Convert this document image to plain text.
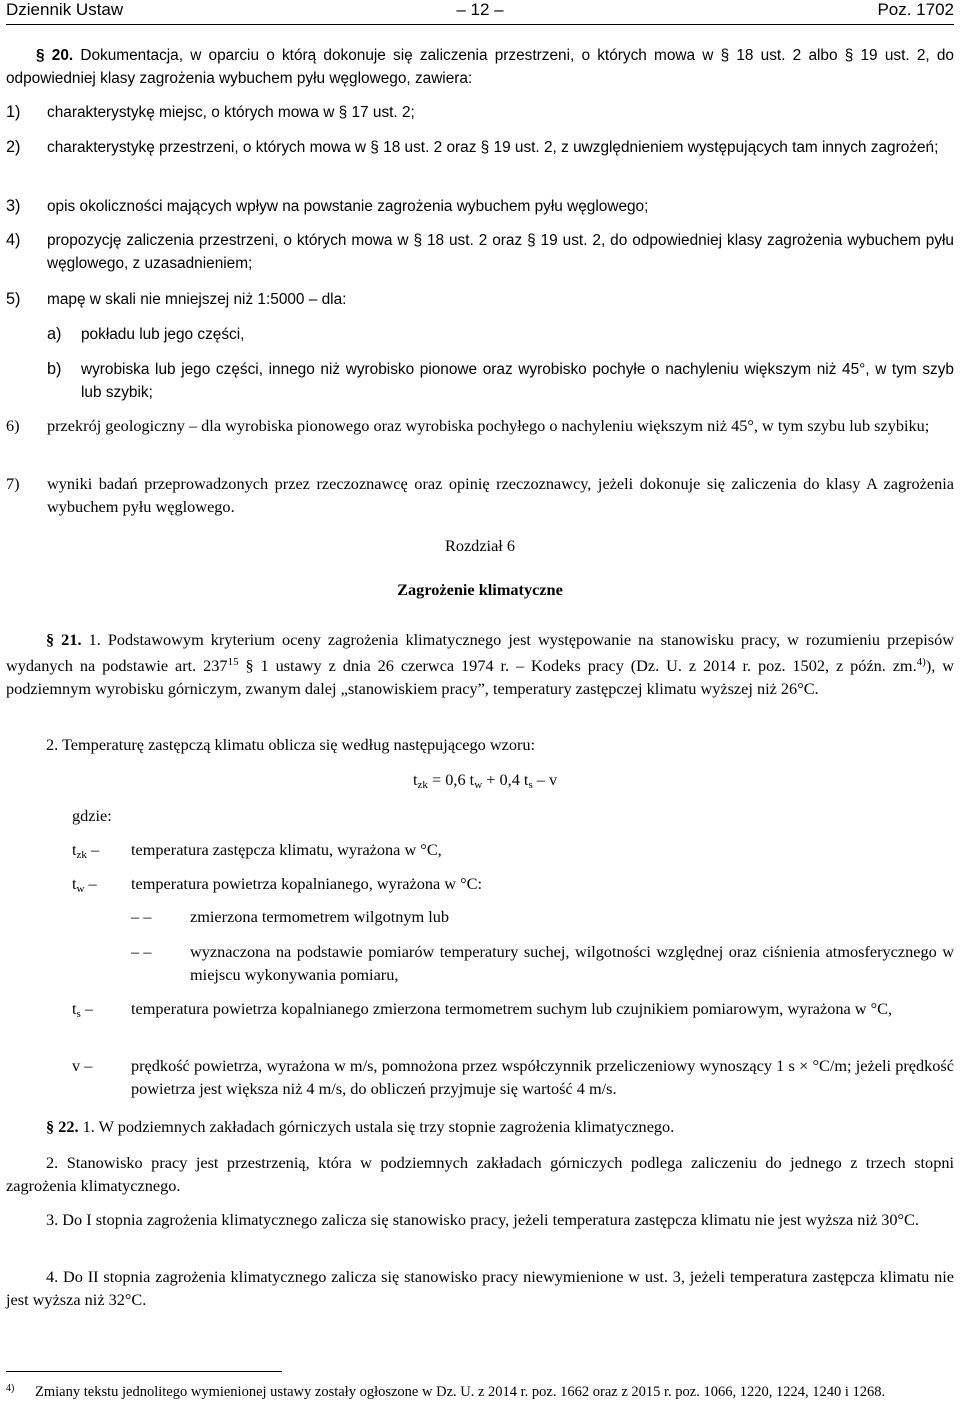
Dziennik Ustaw	– 12 –	Poz. 1702
§ 20. Dokumentacja, w oparciu o którą dokonuje się zaliczenia przestrzeni, o których mowa w § 18 ust. 2 albo § 19 ust. 2, do odpowiedniej klasy zagrożenia wybuchem pyłu węglowego, zawiera:
1) charakterystykę miejsc, o których mowa w § 17 ust. 2;
2) charakterystykę przestrzeni, o których mowa w § 18 ust. 2 oraz § 19 ust. 2, z uwzględnieniem występujących tam innych zagrożeń;
3) opis okoliczności mających wpływ na powstanie zagrożenia wybuchem pyłu węglowego;
4) propozycję zaliczenia przestrzeni, o których mowa w § 18 ust. 2 oraz § 19 ust. 2, do odpowiedniej klasy zagrożenia wybuchem pyłu węglowego, z uzasadnieniem;
5) mapę w skali nie mniejszej niż 1:5000 – dla:
a) pokładu lub jego części,
b) wyrobiska lub jego części, innego niż wyrobisko pionowe oraz wyrobisko pochyłe o nachyleniu większym niż 45°, w tym szyb lub szybik;
6) przekrój geologiczny – dla wyrobiska pionowego oraz wyrobiska pochyłego o nachyleniu większym niż 45°, w tym szybu lub szybiku;
7) wyniki badań przeprowadzonych przez rzeczoznawcę oraz opinię rzeczoznawcy, jeżeli dokonuje się zaliczenia do klasy A zagrożenia wybuchem pyłu węglowego.
Rozdział 6
Zagrożenie klimatyczne
§ 21. 1. Podstawowym kryterium oceny zagrożenia klimatycznego jest występowanie na stanowisku pracy, w rozumieniu przepisów wydanych na podstawie art. $237^{15}$ § 1 ustawy z dnia 26 czerwca 1974 r. – Kodeks pracy (Dz. U. z 2014 r. poz. 1502, z późn. zm.$^{4)}$), w podziemnym wyrobisku górniczym, zwanym dalej „stanowiskiem pracy”, temperatury zastępczej klimatu wyższej niż 26°C.
2. Temperaturę zastępczą klimatu oblicza się według następującego wzoru:
$t_{zk} = 0,6$ $t_w + 0,4$ $t_s$ – v
gdzie:
$t_{zk}$ – temperatura zastępcza klimatu, wyrażona w °C,
$t_w$ – temperatura powietrza kopalnianego, wyrażona w °C:
– – zmierzona termometrem wilgotnym lub
– – wyznaczona na podstawie pomiarów temperatury suchej, wilgotności względnej oraz ciśnienia atmosferycznego w miejscu wykonywania pomiaru,
$t_s$ – temperatura powietrza kopalnianego zmierzona termometrem suchym lub czujnikiem pomiarowym, wyrażona w °C,
v – prędkość powietrza, wyrażona w m/s, pomnożona przez współczynnik przeliczeniowy wynoszący 1 s × °C/m; jeżeli prędkość powietrza jest większa niż 4 m/s, do obliczeń przyjmuje się wartość 4 m/s.
§ 22. 1. W podziemnych zakładach górniczych ustala się trzy stopnie zagrożenia klimatycznego.
2. Stanowisko pracy jest przestrzenią, która w podziemnych zakładach górniczych podlega zaliczeniu do jednego z trzech stopni zagrożenia klimatycznego.
3. Do I stopnia zagrożenia klimatycznego zalicza się stanowisko pracy, jeżeli temperatura zastępcza klimatu nie jest wyższa niż 30°C.
4. Do II stopnia zagrożenia klimatycznego zalicza się stanowisko pracy niewymienione w ust. 3, jeżeli temperatura zastępcza klimatu nie jest wyższa niż 32°C.
4) Zmiany tekstu jednolitego wymienionej ustawy zostały ogłoszone w Dz. U. z 2014 r. poz. 1662 oraz z 2015 r. poz. 1066, 1220, 1224, 1240 i 1268.
